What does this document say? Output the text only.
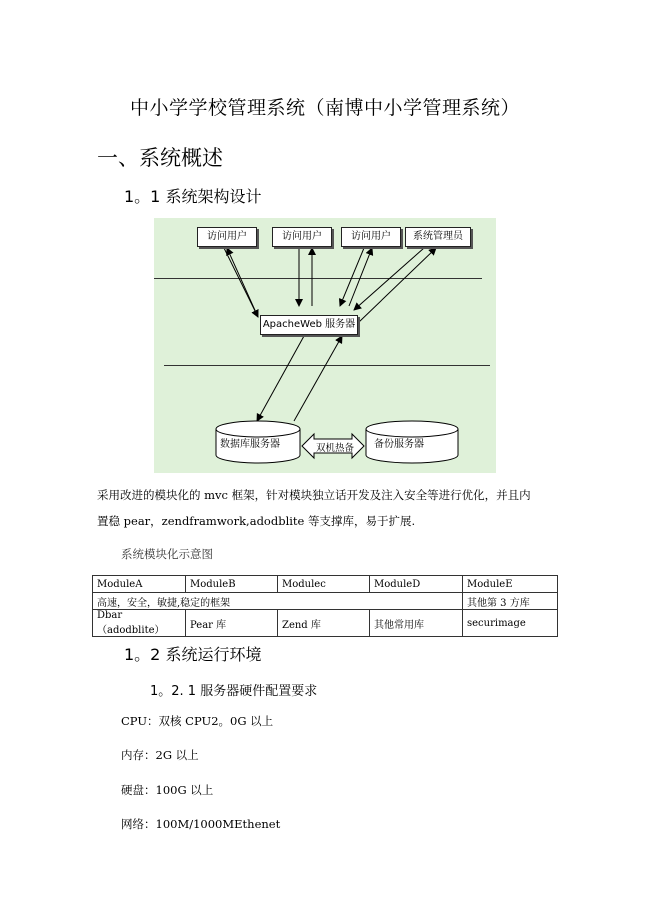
中小学学校管理系统（南博中小学管理系统）
一、系统概述
1。1 系统架构设计
访问用户	访问用户	访问用户	系统管理员
ApacheWeb 服务器
数据库服务器	双机热备 备份服务器
采用改进的模块化的 mvc 框架，针对模块独立话开发及注入安全等进行优化，并且内
置稳 pear，zendframwork,adodblite 等支撑库，易于扩展.
系统模块化示意图
ModuleA	ModuleB	Modulec	ModuleD	ModuleE
高速，安全，敏捷,稳定的框架				其他第 3 方库
Dbar（adodblite）	Pear 库	Zend 库	其他常用库	securimage
1。2 系统运行环境
1。2. 1 服务器硬件配置要求
CPU：双核 CPU2。0G 以上
内存：2G 以上
硬盘：100G 以上
网络：100M/1000MEthenet
